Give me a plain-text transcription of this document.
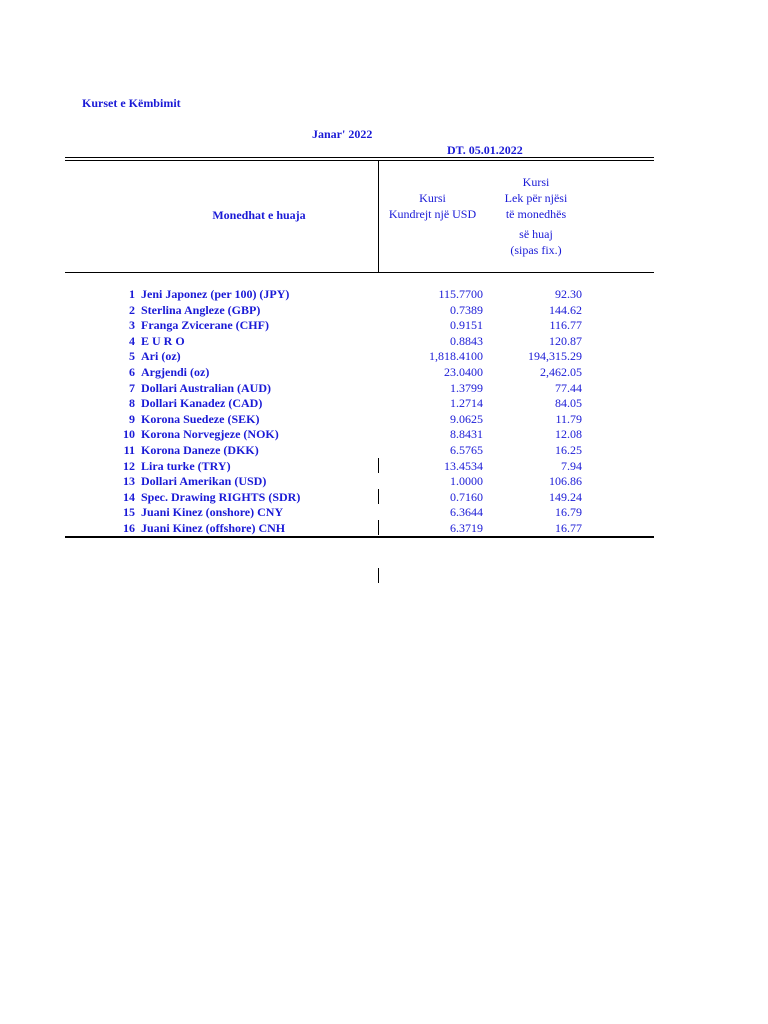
Kurset e Këmbimit
Janar' 2022
DT. 05.01.2022
Monedhat e huaja
Kursi
Kundrejt një USD
Kursi
Lek për njësi
të monedhës
së huaj
(sipas fix.)
1 Jeni Japonez (per 100) (JPY)	115.7700	92.30
2 Sterlina Angleze (GBP)	0.7389	144.62
3 Franga Zvicerane (CHF)	0.9151	116.77
4 E U R O	0.8843	120.87
5 Ari (oz)	1,818.4100	194,315.29
6 Argjendi (oz)	23.0400	2,462.05
7 Dollari Australian (AUD)	1.3799	77.44
8 Dollari Kanadez (CAD)	1.2714	84.05
9 Korona Suedeze (SEK)	9.0625	11.79
10 Korona Norvegjeze (NOK)	8.8431	12.08
11 Korona Daneze (DKK)	6.5765	16.25
12 Lira turke (TRY)	13.4534	7.94
13 Dollari Amerikan (USD)	1.0000	106.86
14 Spec. Drawing RIGHTS (SDR)	0.7160	149.24
15 Juani Kinez (onshore) CNY	6.3644	16.79
16 Juani Kinez (offshore) CNH	6.3719	16.77
